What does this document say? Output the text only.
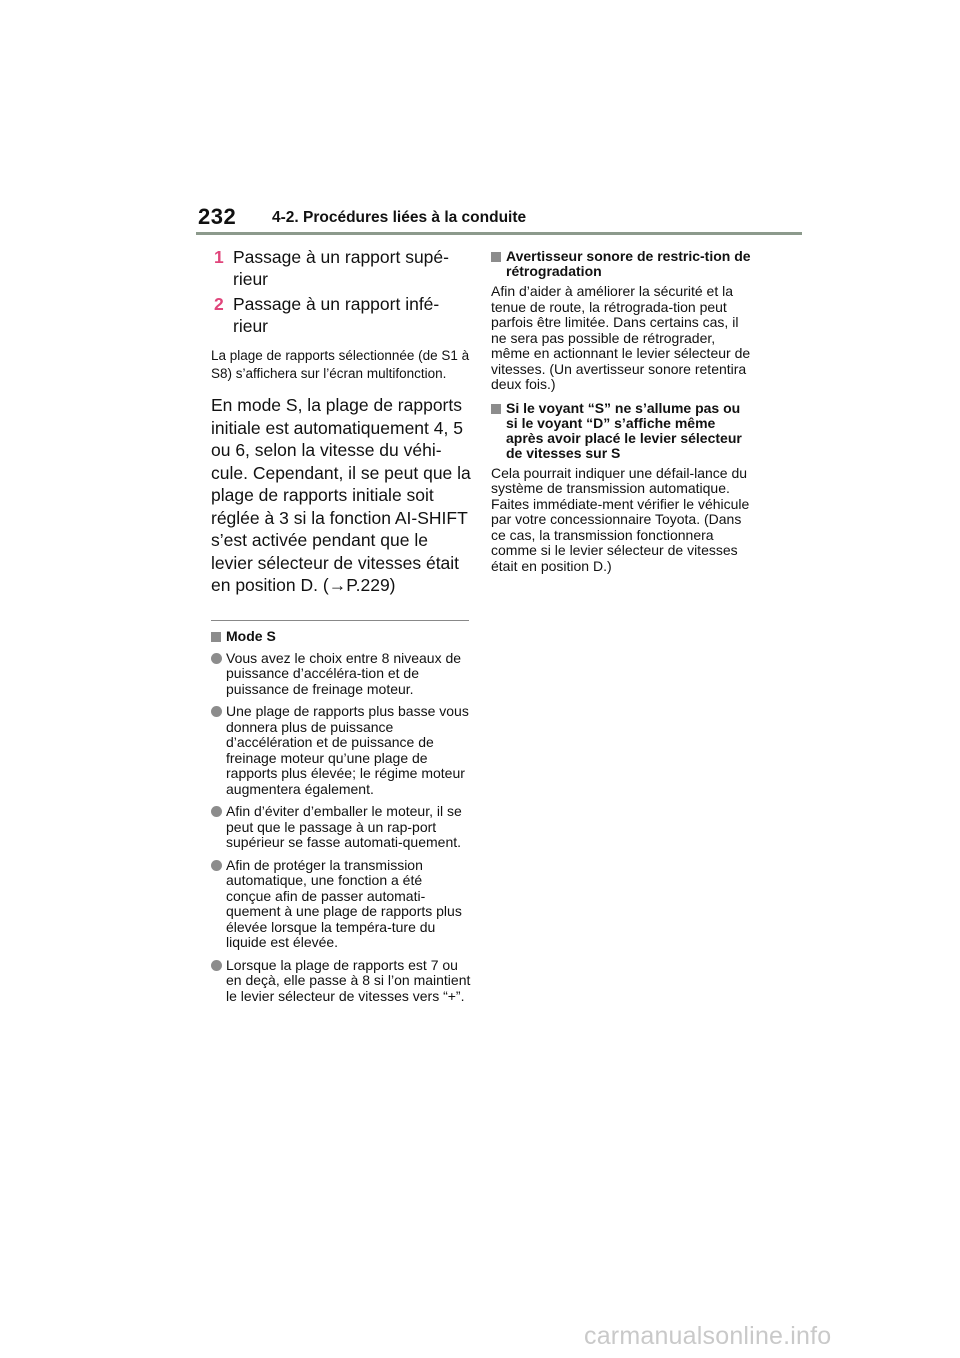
232 4-2. Procédures liées à la conduite
1 Passage à un rapport supé-
rieur
2 Passage à un rapport infé-
rieur
La plage de rapports sélectionnée (de S1 à S8) s’affichera sur l’écran multifonction.
En mode S, la plage de rapports initiale est automatiquement 4, 5 ou 6, selon la vitesse du véhi-cule. Cependant, il se peut que la plage de rapports initiale soit réglée à 3 si la fonction AI-SHIFT s’est activée pendant que le levier sélecteur de vitesses était en position D. (→P.229)
Mode S
Vous avez le choix entre 8 niveaux de puissance d’accéléra-tion et de puissance de freinage moteur.
Une plage de rapports plus basse vous donnera plus de puissance d’accélération et de puissance de freinage moteur qu’une plage de rapports plus élevée; le régime moteur augmentera également.
Afin d’éviter d’emballer le moteur, il se peut que le passage à un rap-port supérieur se fasse automati-quement.
Afin de protéger la transmission automatique, une fonction a été conçue afin de passer automati-quement à une plage de rapports plus élevée lorsque la tempéra-ture du liquide est élevée.
Lorsque la plage de rapports est 7 ou en deçà, elle passe à 8 si l’on maintient le levier sélecteur de vitesses vers “+”.
Avertisseur sonore de restric-tion de rétrogradation
Afin d’aider à améliorer la sécurité et la tenue de route, la rétrograda-tion peut parfois être limitée. Dans certains cas, il ne sera pas possible de rétrograder, même en actionnant le levier sélecteur de vitesses. (Un avertisseur sonore retentira deux fois.)
Si le voyant “S” ne s’allume pas ou si le voyant “D” s’affiche même après avoir placé le levier sélecteur de vitesses sur S
Cela pourrait indiquer une défail-lance du système de transmission automatique. Faites immédiate-ment vérifier le véhicule par votre concessionnaire Toyota. (Dans ce cas, la transmission fonctionnera comme si le levier sélecteur de vitesses était en position D.)
carmanualsonline.info
